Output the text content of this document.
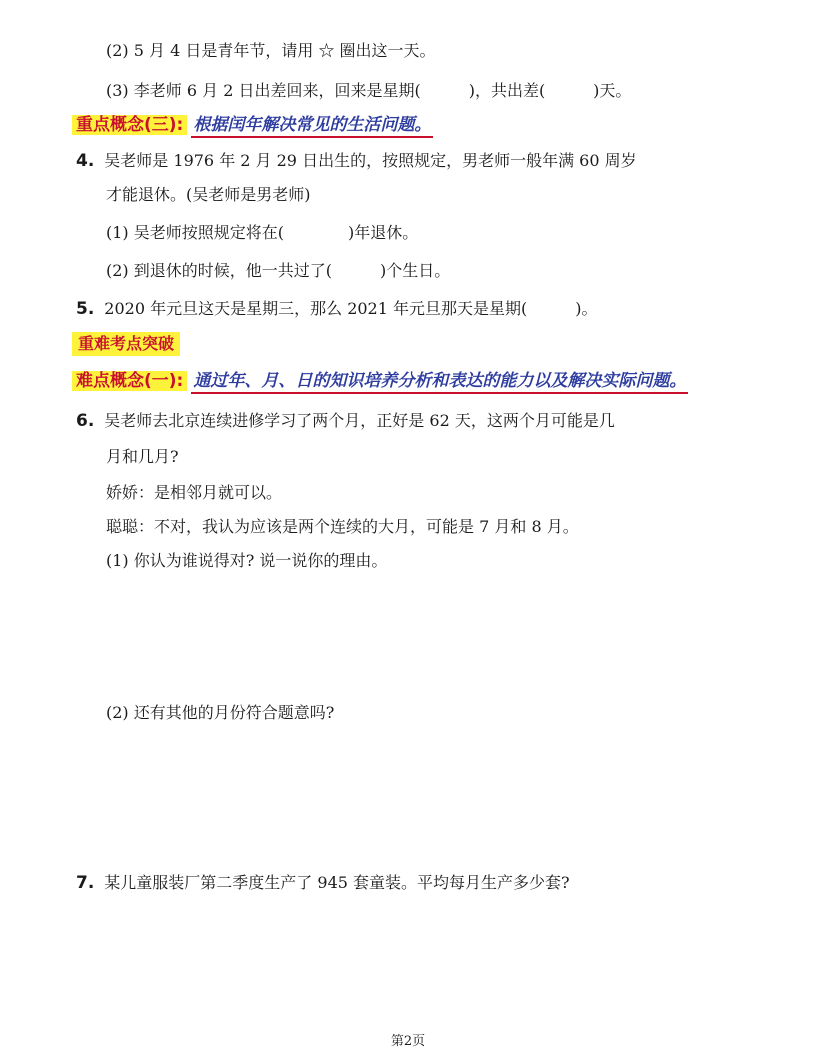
(2) 5 月 4 日是青年节，请用 ☆ 圈出这一天。
(3) 李老师 6 月 2 日出差回来，回来是星期(　　　)，共出差(　　　)天。
重点概念(三): 根据闰年解决常见的生活问题。
4. 吴老师是 1976 年 2 月 29 日出生的，按照规定，男老师一般年满 60 周岁
才能退休。(吴老师是男老师)
(1) 吴老师按照规定将在(　　　　)年退休。
(2) 到退休的时候，他一共过了(　　　)个生日。
5. 2020 年元旦这天是星期三，那么 2021 年元旦那天是星期(　　　)。
重难考点突破
难点概念(一): 通过年、月、日的知识培养分析和表达的能力以及解决实际问题。
6. 吴老师去北京连续进修学习了两个月，正好是 62 天，这两个月可能是几
月和几月?
娇娇：是相邻月就可以。
聪聪：不对，我认为应该是两个连续的大月，可能是 7 月和 8 月。
(1) 你认为谁说得对? 说一说你的理由。
(2) 还有其他的月份符合题意吗?
7. 某儿童服装厂第二季度生产了 945 套童装。平均每月生产多少套?
第2页
